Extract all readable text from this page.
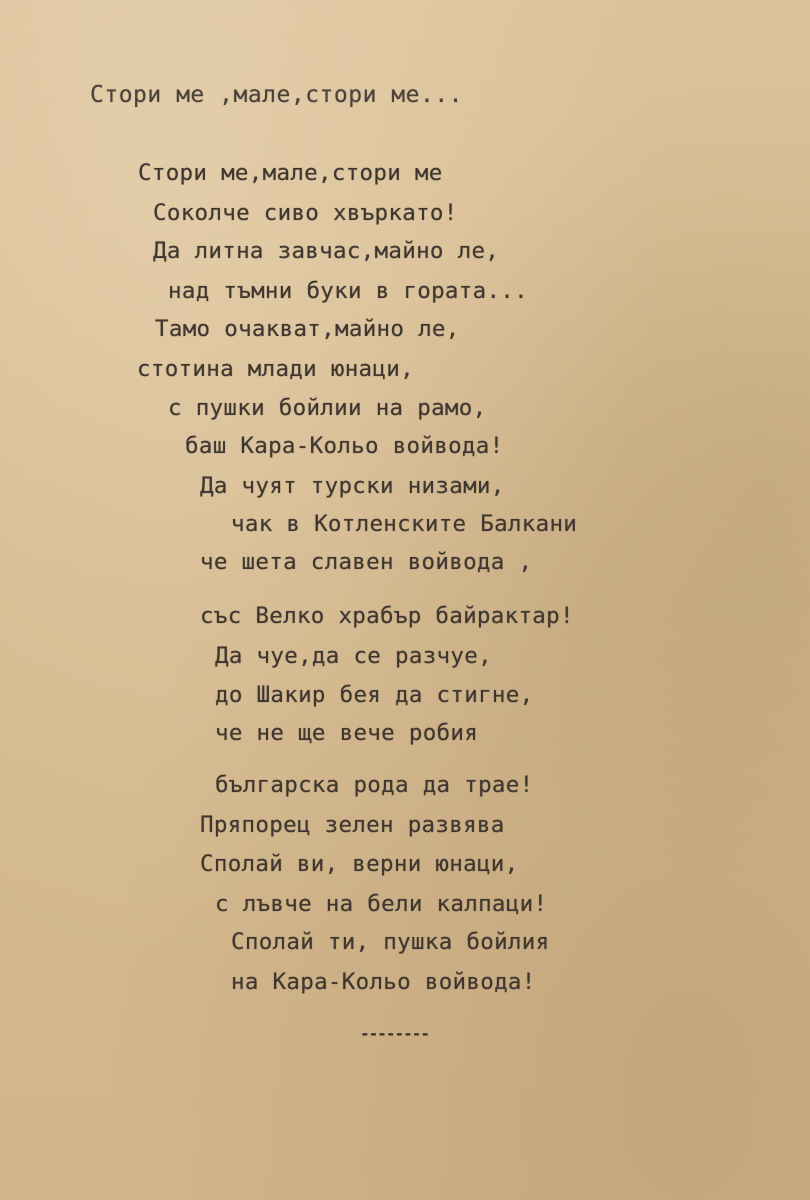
Стори ме ,мале,стори ме...
Стори ме,мале,стори ме
Соколче сиво хвъркато!
Да литна завчас,майно ле,
над тъмни буки в гората...
Тамо очакват,майно ле,
стотина млади юнаци,
с пушки бойлии на рамо,
баш Кара-Кольо войвода!
Да чуят турски низами,
чак в Котленските Балкани
че шета славен войвода ,
със Велко храбър байрактар!
Да чуе,да се разчуе,
до Шакир бея да стигне,
че не ще вече робия
българска рода да трае!
Пряпорец зелен развява
Сполай ви, верни юнаци,
с лъвче на бели калпаци!
Сполай ти, пушка бойлия
на Кара-Кольо войвода!
--------
